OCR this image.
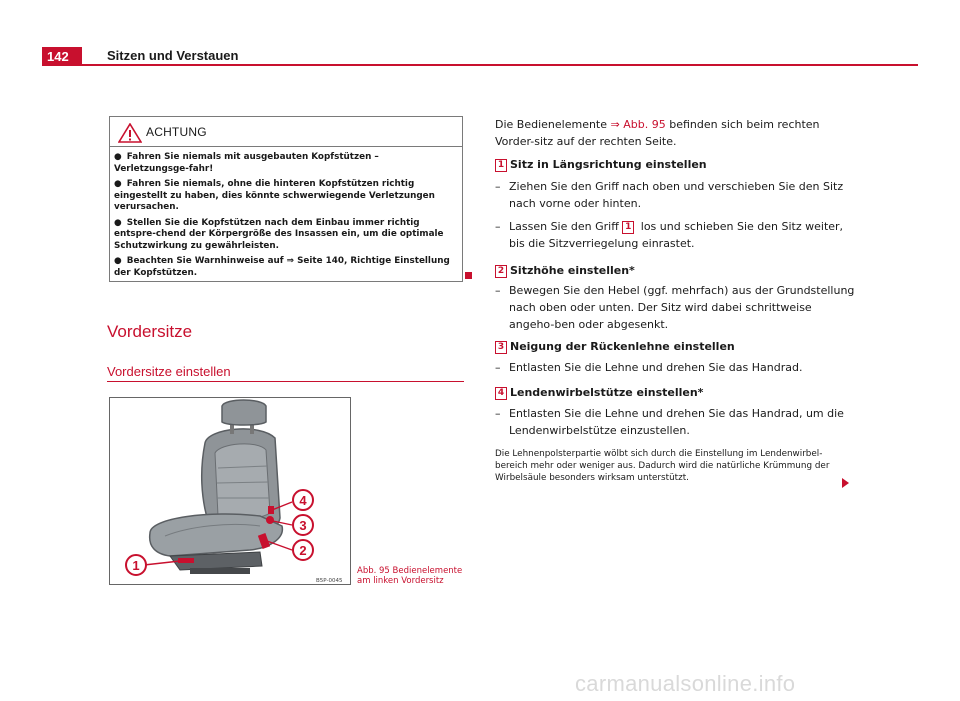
142	Sitzen und Verstauen
ACHTUNG
● Fahren Sie niemals mit ausgebauten Kopfstützen – Verletzungsge-fahr!
● Fahren Sie niemals, ohne die hinteren Kopfstützen richtig eingestellt zu haben, dies könnte schwerwiegende Verletzungen verursachen.
● Stellen Sie die Kopfstützen nach dem Einbau immer richtig entspre-chend der Körpergröße des Insassen ein, um die optimale Schutzwirkung zu gewährleisten.
● Beachten Sie Warnhinweise auf ⇒ Seite 140, Richtige Einstellung der Kopfstützen.
Vordersitze
Vordersitze einstellen
1
2
3
4
B5P-0045
Abb. 95 Bedienelemente am linken Vordersitz
Die Bedienelemente ⇒ Abb. 95 befinden sich beim rechten Vorder-sitz auf der rechten Seite.
1 Sitz in Längsrichtung einstellen
– Ziehen Sie den Griff nach oben und verschieben Sie den Sitz nach vorne oder hinten.
– Lassen Sie den Griff 1 los und schieben Sie den Sitz weiter, bis die Sitzverriegelung einrastet.
2 Sitzhöhe einstellen*
– Bewegen Sie den Hebel (ggf. mehrfach) aus der Grundstellung nach oben oder unten. Der Sitz wird dabei schrittweise angeho-ben oder abgesenkt.
3 Neigung der Rückenlehne einstellen
– Entlasten Sie die Lehne und drehen Sie das Handrad.
4 Lendenwirbelstütze einstellen*
– Entlasten Sie die Lehne und drehen Sie das Handrad, um die Lendenwirbelstütze einzustellen.
Die Lehnenpolsterpartie wölbt sich durch die Einstellung im Lendenwirbel-bereich mehr oder weniger aus. Dadurch wird die natürliche Krümmung der Wirbelsäule besonders wirksam unterstützt.
carmanualsonline.info
